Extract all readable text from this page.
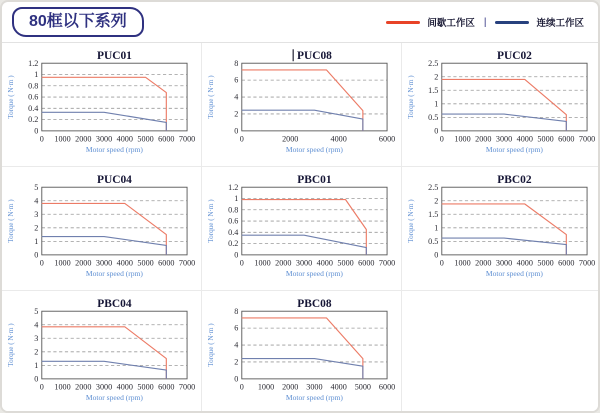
80框以下系列	间歇工作区 |	连续工作区
PUC01
0 1000 2000 3000 4000 5000 6000 7000
0
0.2
0.4
0.6
0.8
1
1.2
Motor speed (rpm)
Torque ( N·m )
PUC08
0	2000	4000	6000
0
2
4
6
8
Motor speed (rpm)
Torque ( N·m )
PUC02
0 1000 2000 3000 4000 5000 6000 7000
0
0.5
1
1.5
2
2.5
Motor speed (rpm)
Torque ( N·m )
PUC04
0 1000 2000 3000 4000 5000 6000 7000
0
1
2
3
4
5
Motor speed (rpm)
Torque ( N·m )
PBC01
0 1000 2000 3000 4000 5000 6000 7000
0
0.2
0.4
0.6
0.8
1
1.2
Motor speed (rpm)
Torque ( N·m )
PBC02
0 1000 2000 3000 4000 5000 6000 7000
0
0.5
1
1.5
2
2.5
Motor speed (rpm)
Torque ( N·m )
PBC04
0 1000 2000 3000 4000 5000 6000 7000
0
1
2
3
4
5
Motor speed (rpm)
Torque ( N·m )
PBC08
0 1000 2000 3000 4000 5000 6000
0
2
4
6
8
Motor speed (rpm)
Torque ( N·m )
